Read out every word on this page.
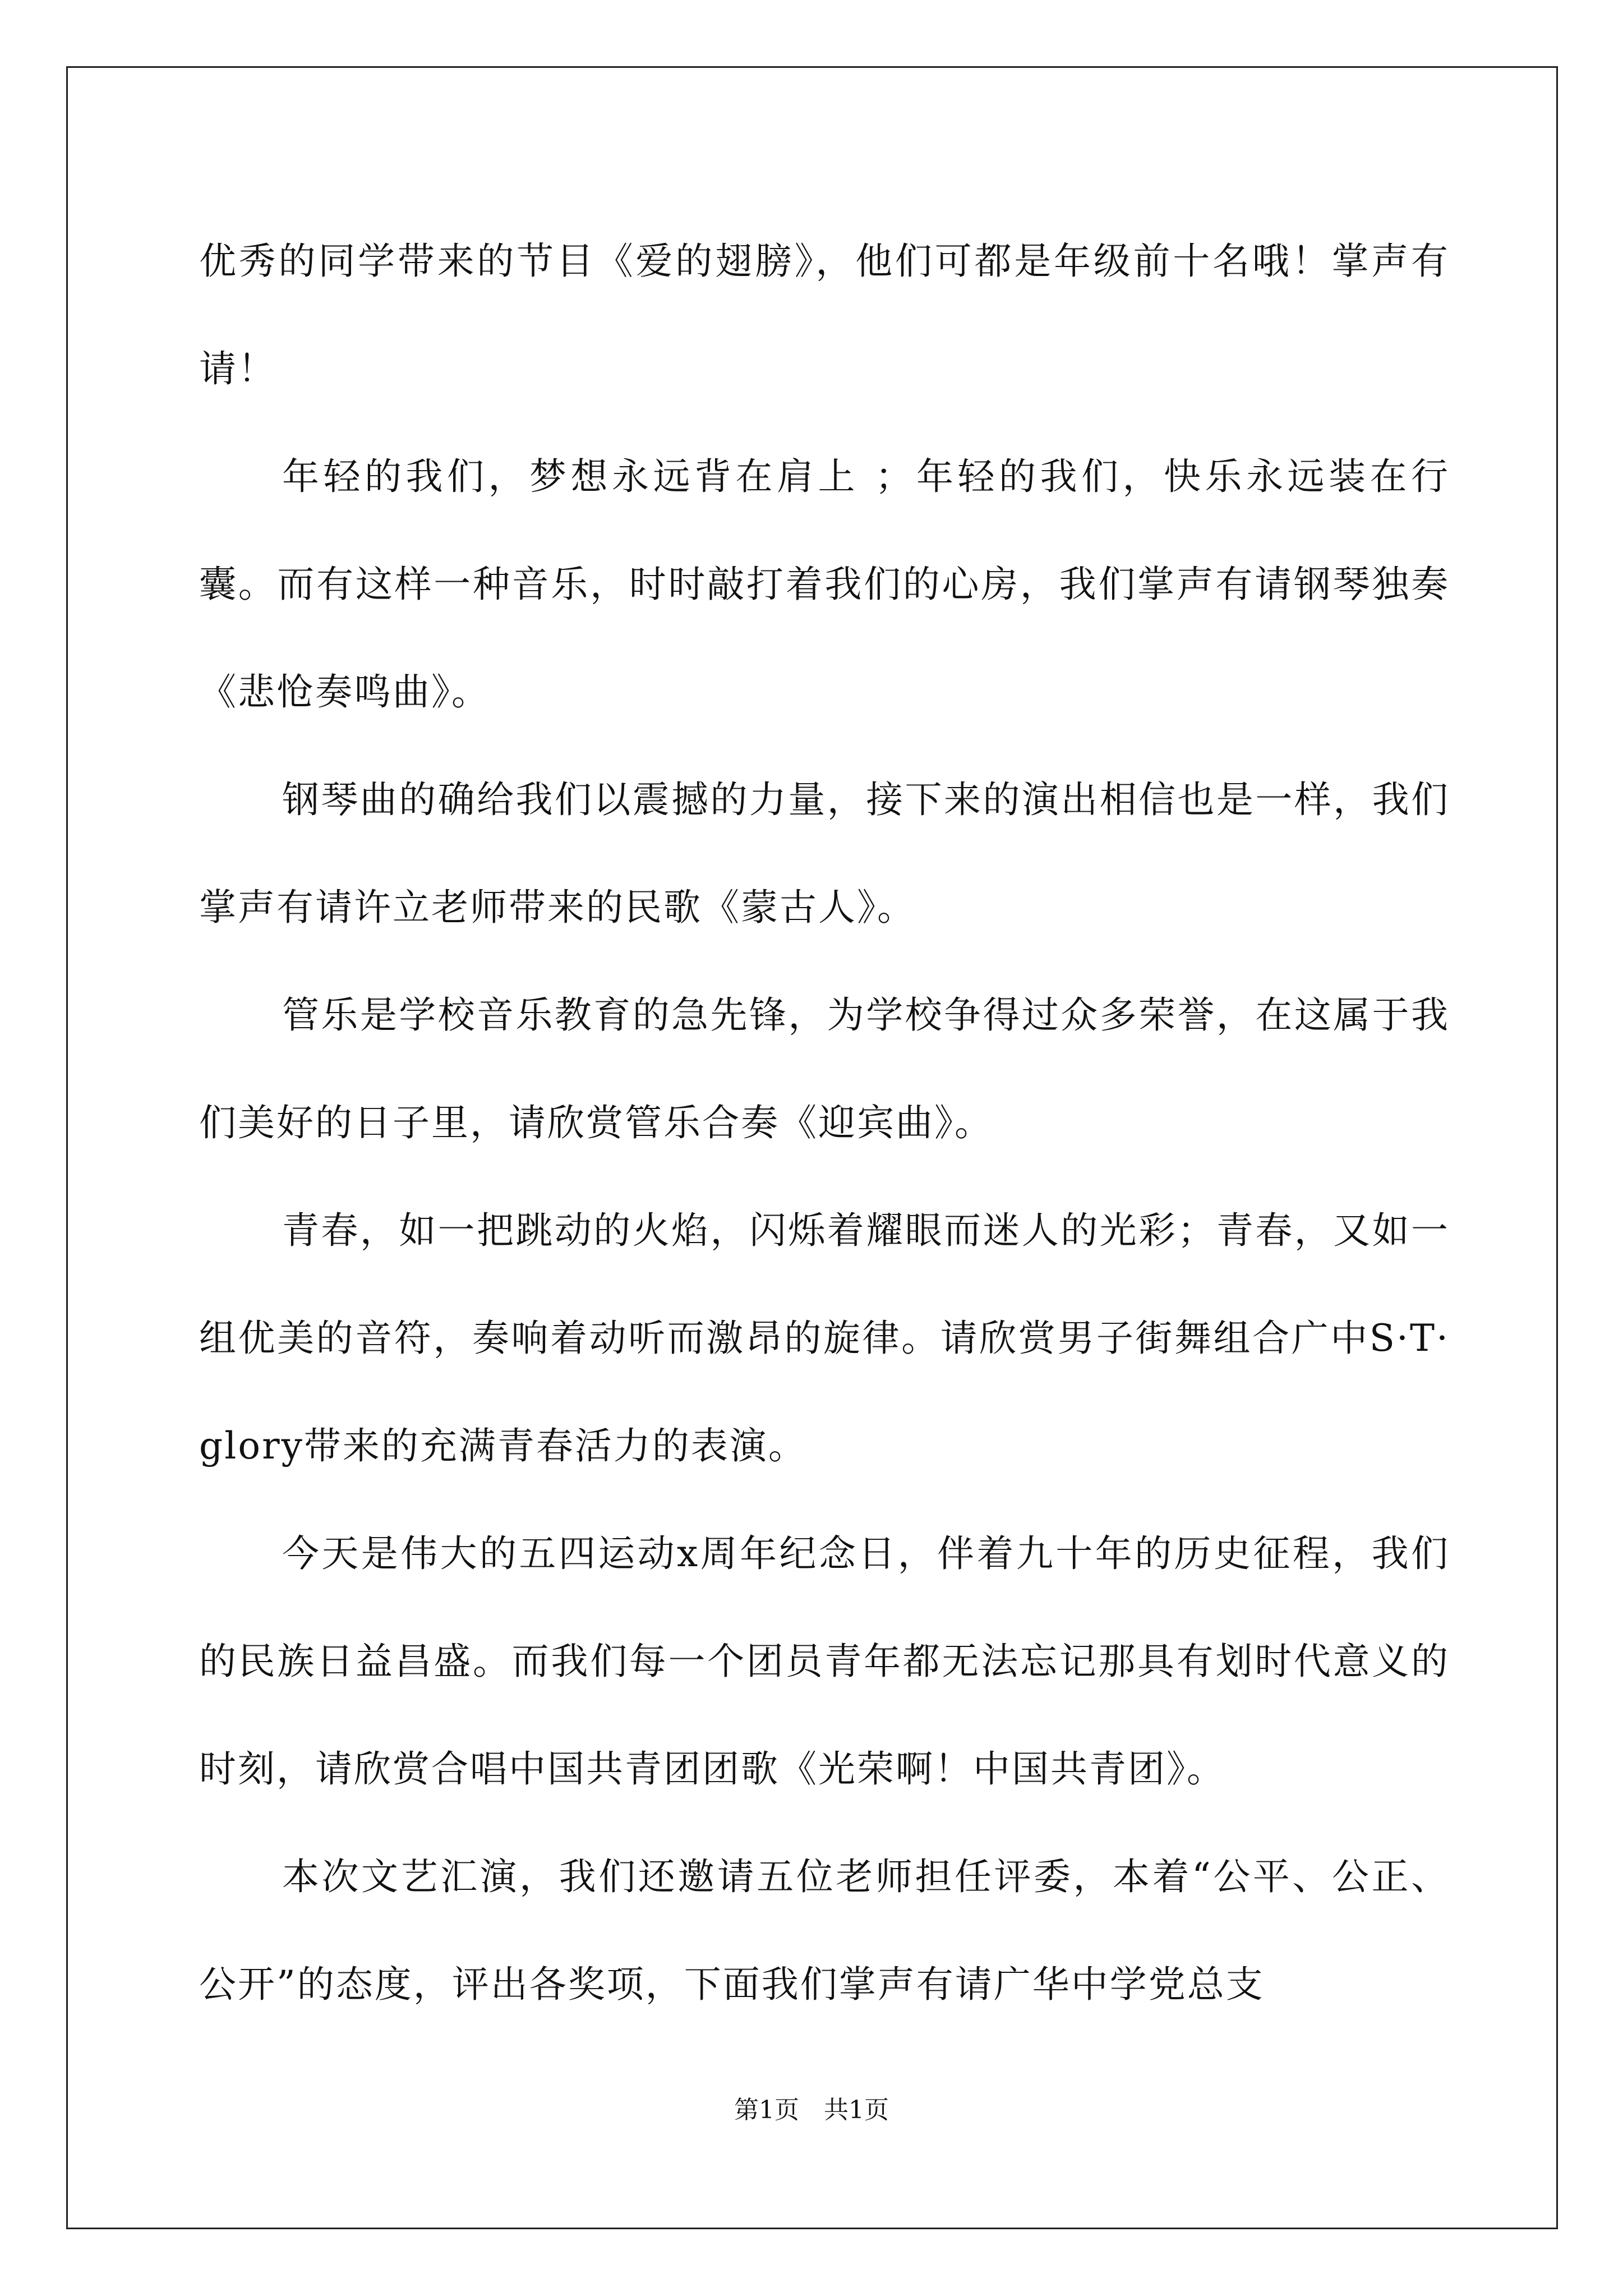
优秀的同学带来的节目《爱的翅膀》，他们可都是年级前十名哦！掌声有请！

年轻的我们，梦想永远背在肩上 ；年轻的我们，快乐永远装在行囊。而有这样一种音乐，时时敲打着我们的心房，我们掌声有请钢琴独奏《悲怆奏鸣曲》。

钢琴曲的确给我们以震撼的力量，接下来的演出相信也是一样，我们掌声有请许立老师带来的民歌《蒙古人》。

管乐是学校音乐教育的急先锋，为学校争得过众多荣誉，在这属于我们美好的日子里，请欣赏管乐合奏《迎宾曲》。

青春，如一把跳动的火焰，闪烁着耀眼而迷人的光彩；青春，又如一组优美的音符，奏响着动听而激昂的旋律。请欣赏男子街舞组合广中S·T·glory带来的充满青春活力的表演。

今天是伟大的五四运动x周年纪念日，伴着九十年的历史征程，我们的民族日益昌盛。而我们每一个团员青年都无法忘记那具有划时代意义的时刻，请欣赏合唱中国共青团团歌《光荣啊！中国共青团》。

本次文艺汇演，我们还邀请五位老师担任评委，本着“公平、公正、公开”的态度，评出各奖项，下面我们掌声有请广华中学党总支

第1页　共1页
